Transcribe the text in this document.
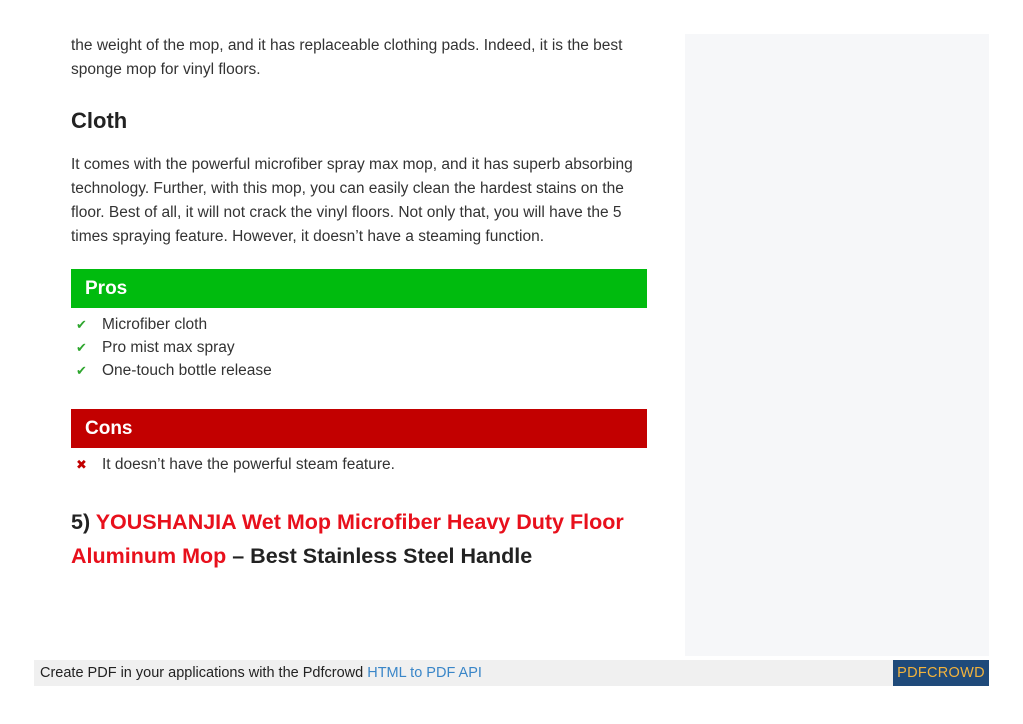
the weight of the mop, and it has replaceable clothing pads. Indeed, it is the best sponge mop for vinyl floors.

Cloth

It comes with the powerful microfiber spray max mop, and it has superb absorbing technology. Further, with this mop, you can easily clean the hardest stains on the floor. Best of all, it will not crack the vinyl floors. Not only that, you will have the 5 times spraying feature. However, it doesn’t have a steaming function.

Pros
✔ Microfiber cloth
✔ Pro mist max spray
✔ One-touch bottle release
Cons
✖ It doesn’t have the powerful steam feature.
5) YOUSHANJIA Wet Mop Microfiber Heavy Duty Floor Aluminum Mop – Best Stainless Steel Handle
Create PDF in your applications with the Pdfcrowd HTML to PDF API	PDFCROWD
